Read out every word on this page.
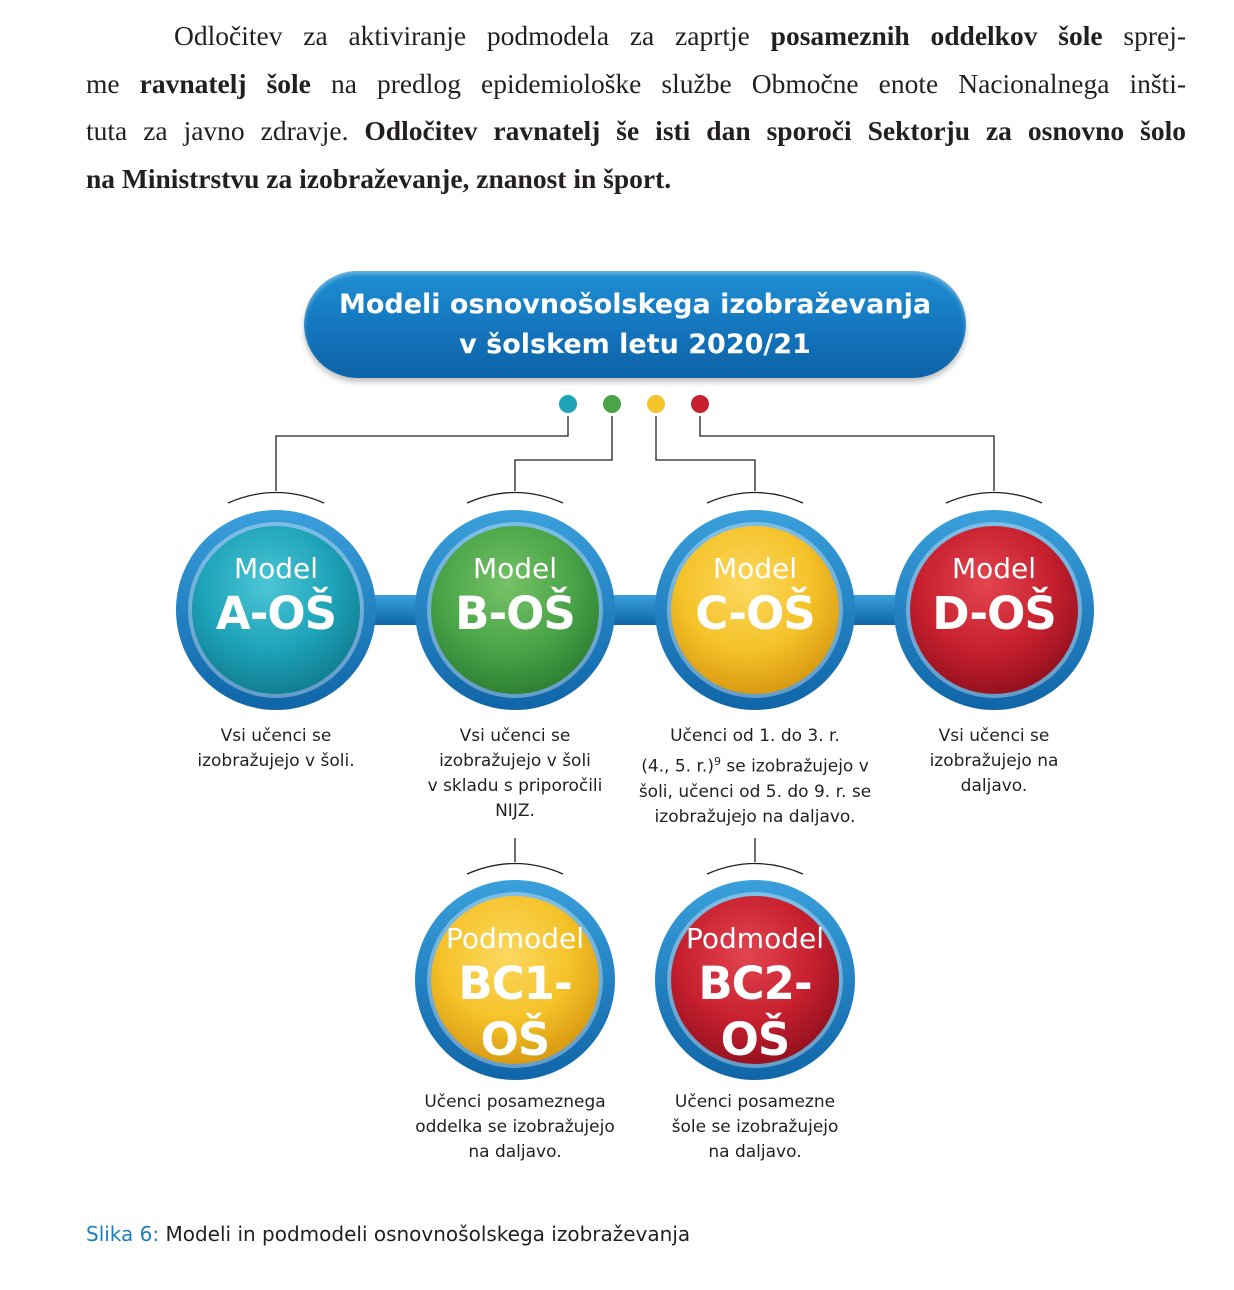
Odločitev za aktiviranje podmodela za zaprtje posameznih oddelkov šole sprej-
me ravnatelj šole na predlog epidemiološke službe Območne enote Nacionalnega inšti-
tuta za javno zdravje. Odločitev ravnatelj še isti dan sporoči Sektorju za osnovno šolo
na Ministrstvu za izobraževanje, znanost in šport.
Modeli osnovnošolskega izobraževanja
v šolskem letu 2020/21
Model
A-OŠ
Model
B-OŠ
Model
C-OŠ
Model
D-OŠ
Podmodel
BC1-OŠ
Podmodel
BC2-OŠ
Vsi učenci se
izobražujejo v šoli.
Vsi učenci se
izobražujejo v šoli
v skladu s priporočili
NIJZ.
Učenci od 1. do 3. r.
(4., 5. r.)$^9$ se izobražujejo v
šoli, učenci od 5. do 9. r. se
izobražujejo na daljavo.
Vsi učenci se
izobražujejo na
daljavo.
Učenci posameznega
oddelka se izobražujejo
na daljavo.
Učenci posamezne
šole se izobražujejo
na daljavo.
Slika 6: Modeli in podmodeli osnovnošolskega izobraževanja
